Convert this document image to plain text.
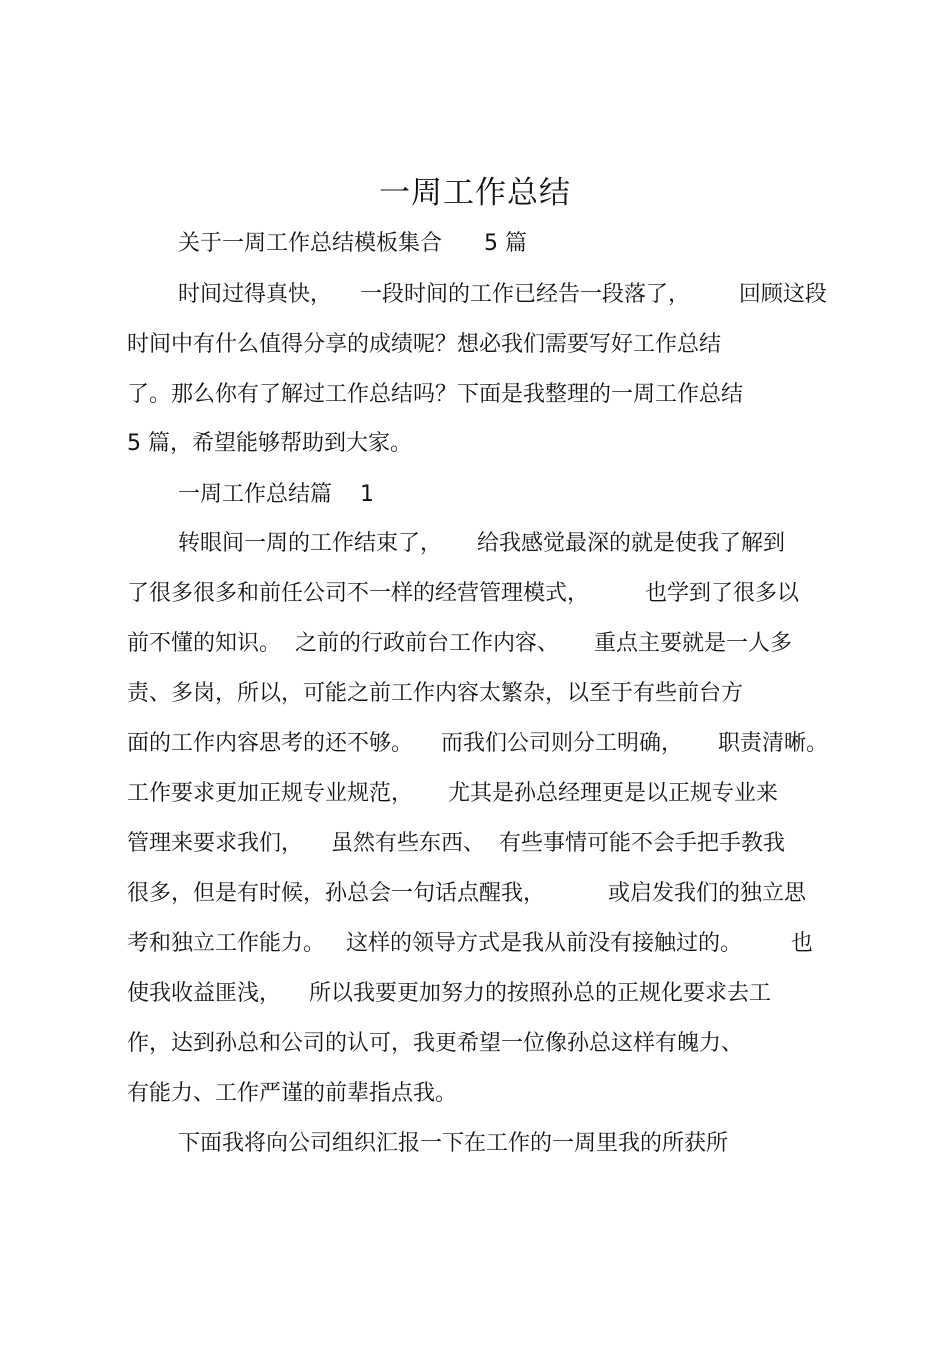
一周工作总结
关于一周工作总结模板集合      5 篇
时间过得真快，    一段时间的工作已经告一段落了，       回顾这段
时间中有什么值得分享的成绩呢？想必我们需要写好工作总结
了。那么你有了解过工作总结吗？下面是我整理的一周工作总结
5 篇，希望能够帮助到大家。
一周工作总结篇    1
转眼间一周的工作结束了，     给我感觉最深的就是使我了解到
了很多很多和前任公司不一样的经营管理模式，        也学到了很多以
前不懂的知识。  之前的行政前台工作内容、     重点主要就是一人多
责、多岗，所以，可能之前工作内容太繁杂，以至于有些前台方
面的工作内容思考的还不够。    而我们公司则分工明确，     职责清晰。
工作要求更加正规专业规范，     尤其是孙总经理更是以正规专业来
管理来要求我们，    虽然有些东西、  有些事情可能不会手把手教我
很多，但是有时候，孙总会一句话点醒我，         或启发我们的独立思
考和独立工作能力。   这样的领导方式是我从前没有接触过的。       也
使我收益匪浅，    所以我要更加努力的按照孙总的正规化要求去工
作，达到孙总和公司的认可，我更希望一位像孙总这样有魄力、
有能力、工作严谨的前辈指点我。
下面我将向公司组织汇报一下在工作的一周里我的所获所
